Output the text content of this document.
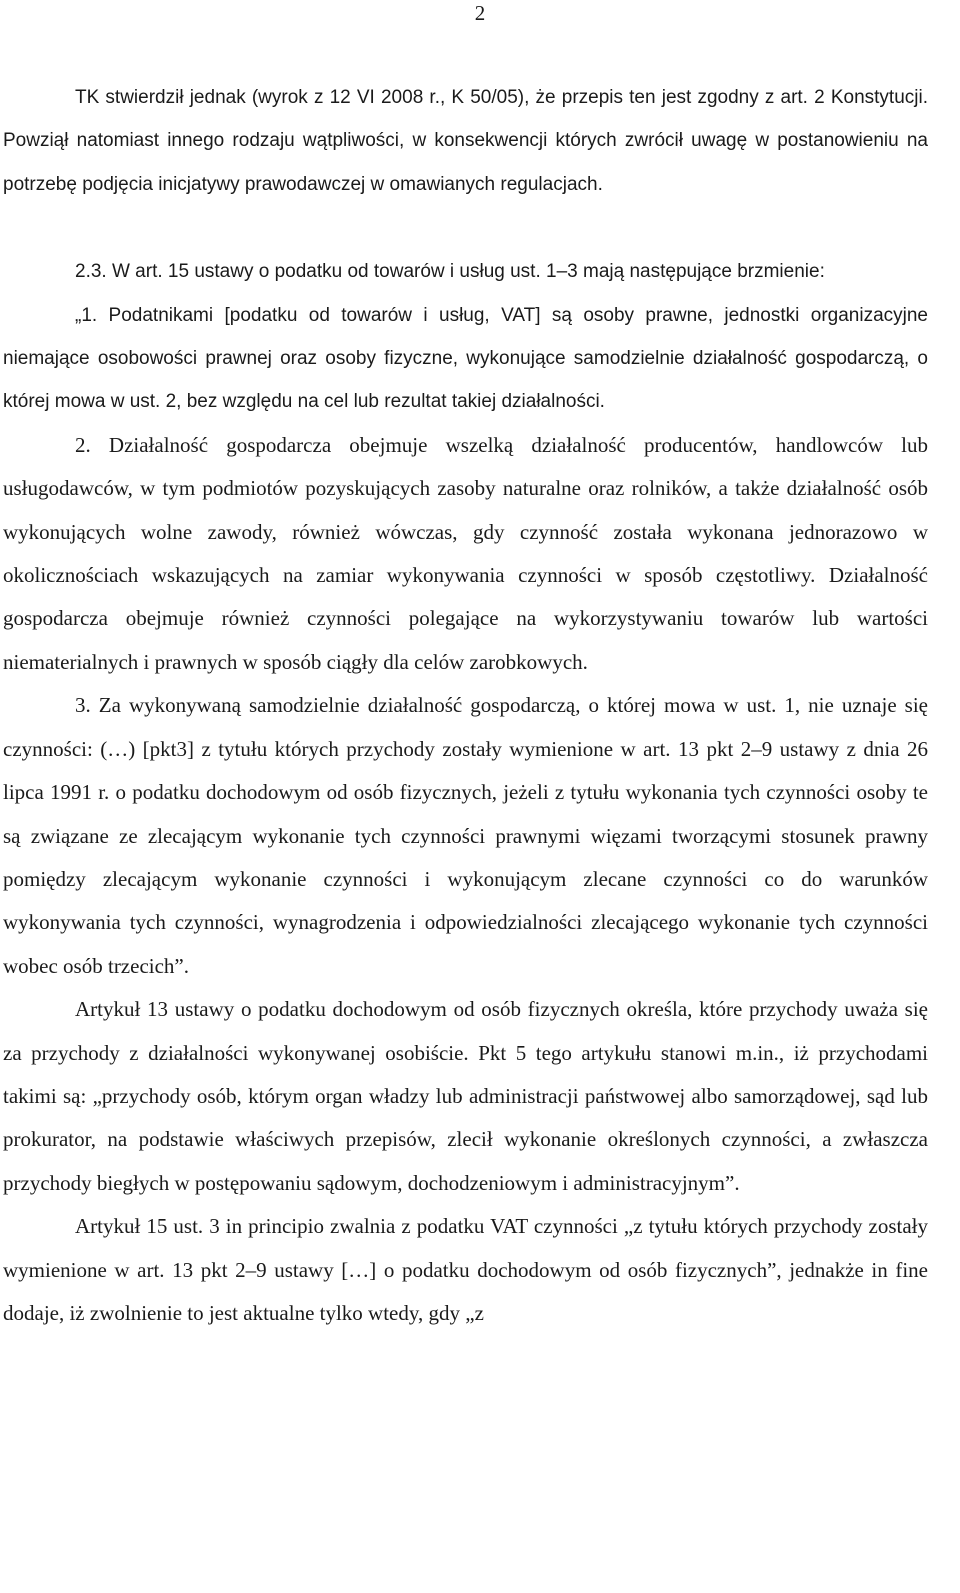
2

TK stwierdził jednak (wyrok z 12 VI 2008 r., K 50/05), że przepis ten jest zgodny z art. 2 Konstytucji. Powziął natomiast innego rodzaju wątpliwości, w konsekwencji których zwrócił uwagę w postanowieniu na potrzebę podjęcia inicjatywy prawodawczej w omawianych regulacjach.

2.3. W art. 15 ustawy o podatku od towarów i usług ust. 1–3 mają następujące brzmienie:

„1. Podatnikami [podatku od towarów i usług, VAT] są osoby prawne, jednostki organizacyjne niemające osobowości prawnej oraz osoby fizyczne, wykonujące samodzielnie działalność gospodarczą, o której mowa w ust. 2, bez względu na cel lub rezultat takiej działalności.

2. Działalność gospodarcza obejmuje wszelką działalność producentów, handlowców lub usługodawców, w tym podmiotów pozyskujących zasoby naturalne oraz rolników, a także działalność osób wykonujących wolne zawody, również wówczas, gdy czynność została wykonana jednorazowo w okolicznościach wskazujących na zamiar wykonywania czynności w sposób częstotliwy. Działalność gospodarcza obejmuje również czynności polegające na wykorzystywaniu towarów lub wartości niematerialnych i prawnych w sposób ciągły dla celów zarobkowych.

3. Za wykonywaną samodzielnie działalność gospodarczą, o której mowa w ust. 1, nie uznaje się czynności: (…) [pkt3] z tytułu których przychody zostały wymienione w art. 13 pkt 2–9 ustawy z dnia 26 lipca 1991 r. o podatku dochodowym od osób fizycznych, jeżeli z tytułu wykonania tych czynności osoby te są związane ze zlecającym wykonanie tych czynności prawnymi więzami tworzącymi stosunek prawny pomiędzy zlecającym wykonanie czynności i wykonującym zlecane czynności co do warunków wykonywania tych czynności, wynagrodzenia i odpowiedzialności zlecającego wykonanie tych czynności wobec osób trzecich”.

Artykuł 13 ustawy o podatku dochodowym od osób fizycznych określa, które przychody uważa się za przychody z działalności wykonywanej osobiście. Pkt 5 tego artykułu stanowi m.in., iż przychodami takimi są: „przychody osób, którym organ władzy lub administracji państwowej albo samorządowej, sąd lub prokurator, na podstawie właściwych przepisów, zlecił wykonanie określonych czynności, a zwłaszcza przychody biegłych w postępowaniu sądowym, dochodzeniowym i administracyjnym”.

Artykuł 15 ust. 3 in principio zwalnia z podatku VAT czynności „z tytułu których przychody zostały wymienione w art. 13 pkt 2–9 ustawy […] o podatku dochodowym od osób fizycznych”, jednakże in fine dodaje, iż zwolnienie to jest aktualne tylko wtedy, gdy „z
